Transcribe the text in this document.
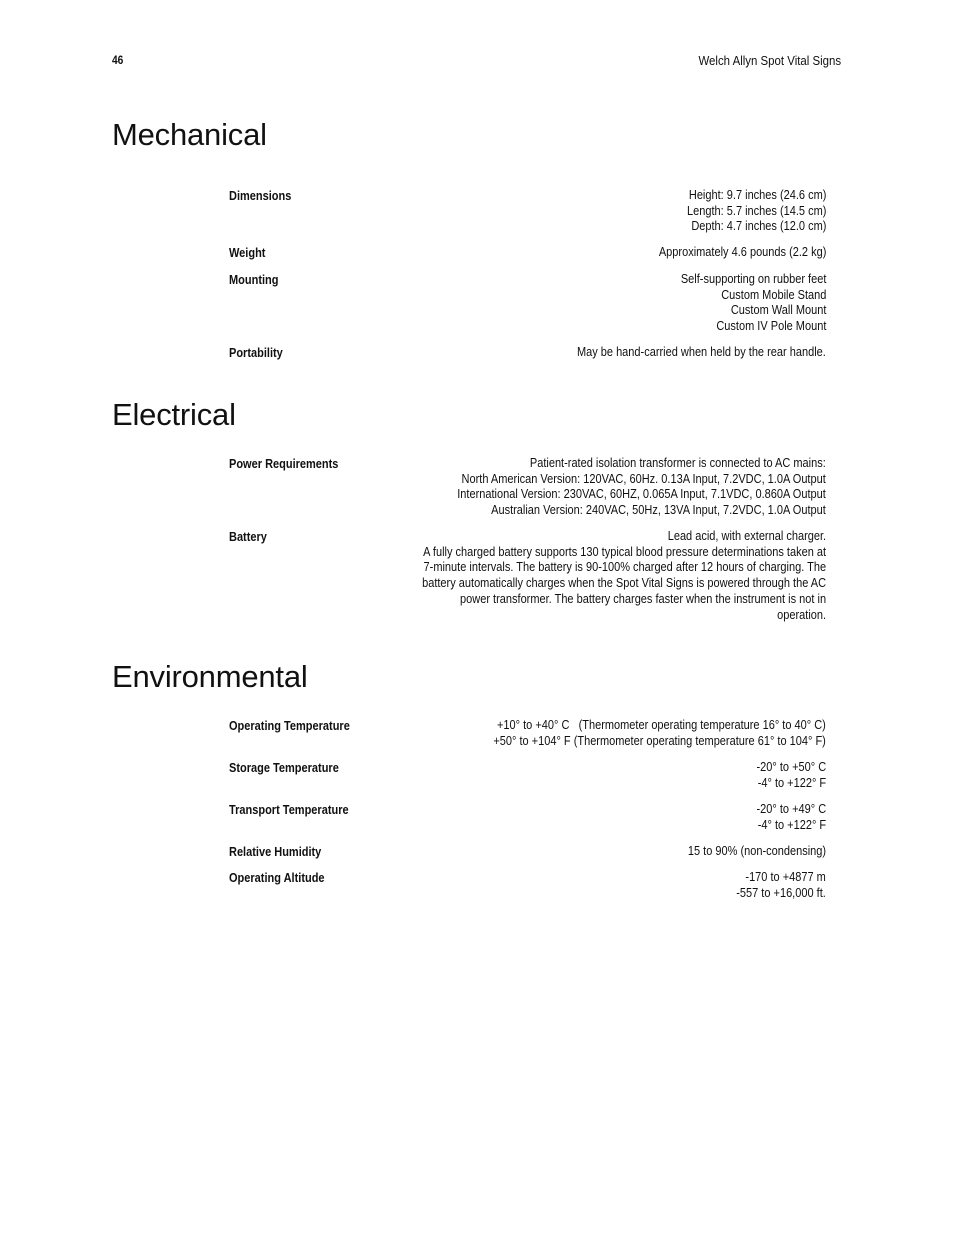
46	Welch Allyn Spot Vital Signs
Mechanical
Dimensions	Height: 9.7 inches (24.6 cm)
Length: 5.7 inches (14.5 cm)
Depth: 4.7 inches (12.0 cm)
Weight	Approximately 4.6 pounds (2.2 kg)
Mounting	Self-supporting on rubber feet
Custom Mobile Stand
Custom Wall Mount
Custom IV Pole Mount
Portability	May be hand-carried when held by the rear handle.
Electrical
Power Requirements	Patient-rated isolation transformer is connected to AC mains:
North American Version: 120VAC, 60Hz. 0.13A Input, 7.2VDC, 1.0A Output
International Version: 230VAC, 60HZ, 0.065A Input, 7.1VDC, 0.860A Output
Australian Version: 240VAC, 50Hz, 13VA Input, 7.2VDC, 1.0A Output
Battery	Lead acid, with external charger.
A fully charged battery supports 130 typical blood pressure determinations taken at
7-minute intervals. The battery is 90-100% charged after 12 hours of charging. The
battery automatically charges when the Spot Vital Signs is powered through the AC
power transformer. The battery charges faster when the instrument is not in
operation.
Environmental
Operating Temperature	+10° to +40° C   (Thermometer operating temperature 16° to 40° C)
+50° to +104° F (Thermometer operating temperature 61° to 104° F)
Storage Temperature	-20° to +50° C
-4° to +122° F
Transport Temperature	-20° to +49° C
-4° to +122° F
Relative Humidity	15 to 90% (non-condensing)
Operating Altitude	-170 to +4877 m
-557 to +16,000 ft.
